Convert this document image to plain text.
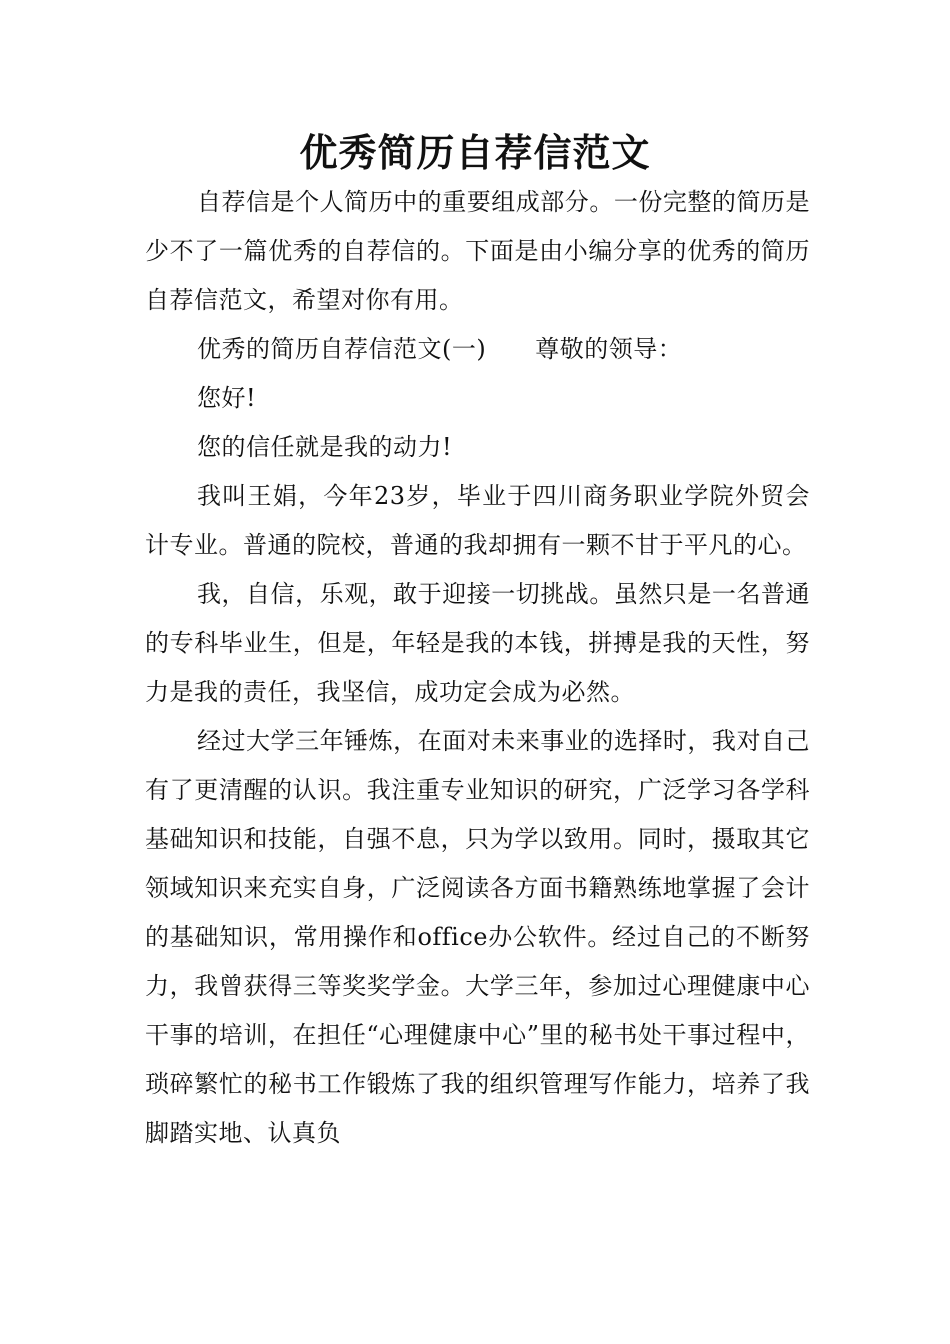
优秀简历自荐信范文

自荐信是个人简历中的重要组成部分。一份完整的简历是少不了一篇优秀的自荐信的。下面是由小编分享的优秀的简历自荐信范文，希望对你有用。

优秀的简历自荐信范文(一)　　尊敬的领导：

您好!

您的信任就是我的动力!

我叫王娟，今年23岁，毕业于四川商务职业学院外贸会计专业。普通的院校，普通的我却拥有一颗不甘于平凡的心。

我，自信，乐观，敢于迎接一切挑战。虽然只是一名普通的专科毕业生，但是，年轻是我的本钱，拼搏是我的天性，努力是我的责任，我坚信，成功定会成为必然。

经过大学三年锤炼，在面对未来事业的选择时，我对自己有了更清醒的认识。我注重专业知识的研究，广泛学习各学科基础知识和技能，自强不息，只为学以致用。同时，摄取其它领域知识来充实自身，广泛阅读各方面书籍熟练地掌握了会计的基础知识，常用操作和office办公软件。经过自己的不断努力，我曾获得三等奖奖学金。大学三年，参加过心理健康中心干事的培训，在担任“心理健康中心”里的秘书处干事过程中，琐碎繁忙的秘书工作锻炼了我的组织管理写作能力，培养了我脚踏实地、认真负
